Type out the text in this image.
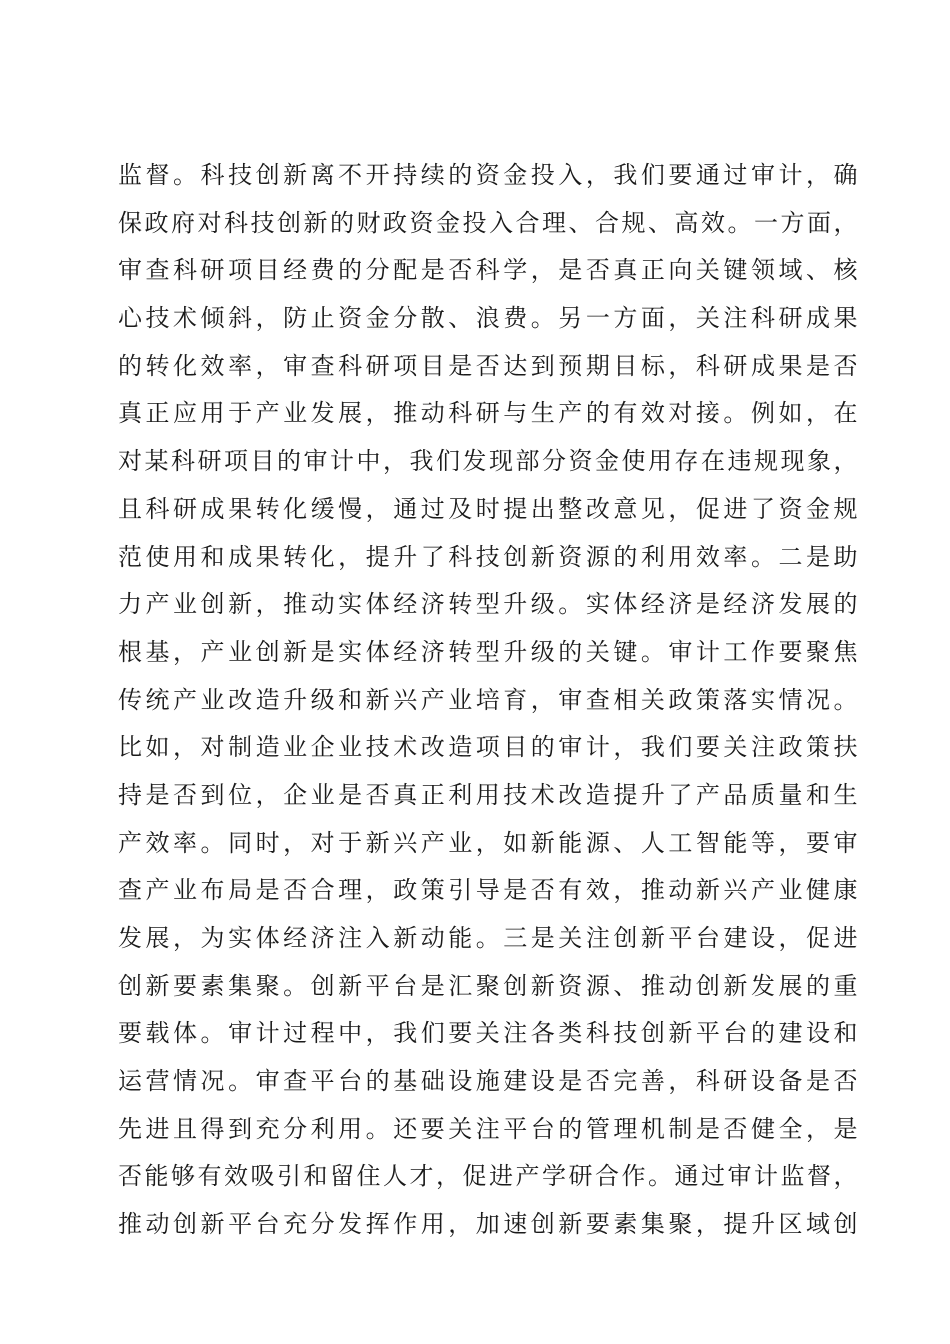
监督。科技创新离不开持续的资金投入，我们要通过审计，确
保政府对科技创新的财政资金投入合理、合规、高效。一方面，
审查科研项目经费的分配是否科学，是否真正向关键领域、核
心技术倾斜，防止资金分散、浪费。另一方面，关注科研成果
的转化效率，审查科研项目是否达到预期目标，科研成果是否
真正应用于产业发展，推动科研与生产的有效对接。例如，在
对某科研项目的审计中，我们发现部分资金使用存在违规现象，
且科研成果转化缓慢，通过及时提出整改意见，促进了资金规
范使用和成果转化，提升了科技创新资源的利用效率。二是助
力产业创新，推动实体经济转型升级。实体经济是经济发展的
根基，产业创新是实体经济转型升级的关键。审计工作要聚焦
传统产业改造升级和新兴产业培育，审查相关政策落实情况。
比如，对制造业企业技术改造项目的审计，我们要关注政策扶
持是否到位，企业是否真正利用技术改造提升了产品质量和生
产效率。同时，对于新兴产业，如新能源、人工智能等，要审
查产业布局是否合理，政策引导是否有效，推动新兴产业健康
发展，为实体经济注入新动能。三是关注创新平台建设，促进
创新要素集聚。创新平台是汇聚创新资源、推动创新发展的重
要载体。审计过程中，我们要关注各类科技创新平台的建设和
运营情况。审查平台的基础设施建设是否完善，科研设备是否
先进且得到充分利用。还要关注平台的管理机制是否健全，是
否能够有效吸引和留住人才，促进产学研合作。通过审计监督，
推动创新平台充分发挥作用，加速创新要素集聚，提升区域创
